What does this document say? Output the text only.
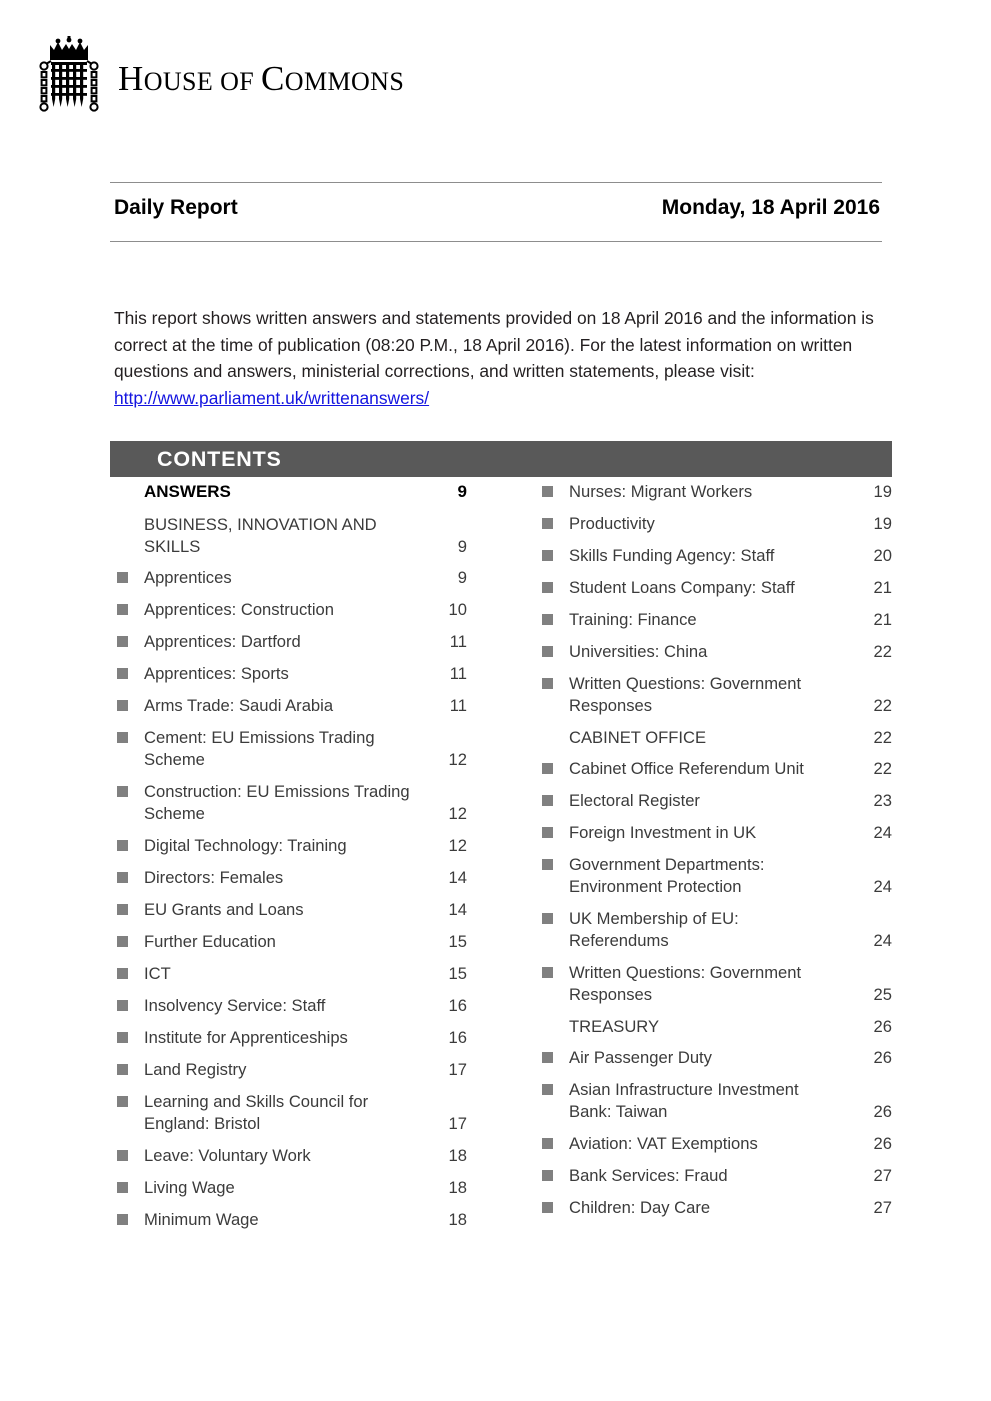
HOUSE OF COMMONS
Daily Report	Monday, 18 April 2016

This report shows written answers and statements provided on 18 April 2016 and the information is correct at the time of publication (08:20 P.M., 18 April 2016). For the latest information on written questions and answers, ministerial corrections, and written statements, please visit: http://www.parliament.uk/writtenanswers/

CONTENTS
ANSWERS	9
BUSINESS, INNOVATION AND SKILLS	9
Apprentices	9
Apprentices: Construction	10
Apprentices: Dartford	11
Apprentices: Sports	11
Arms Trade: Saudi Arabia	11
Cement: EU Emissions Trading Scheme	12
Construction: EU Emissions Trading Scheme	12
Digital Technology: Training	12
Directors: Females	14
EU Grants and Loans	14
Further Education	15
ICT	15
Insolvency Service: Staff	16
Institute for Apprenticeships	16
Land Registry	17
Learning and Skills Council for England: Bristol	17
Leave: Voluntary Work	18
Living Wage	18
Minimum Wage	18
Nurses: Migrant Workers	19
Productivity	19
Skills Funding Agency: Staff	20
Student Loans Company: Staff	21
Training: Finance	21
Universities: China	22
Written Questions: Government Responses	22
CABINET OFFICE	22
Cabinet Office Referendum Unit	22
Electoral Register	23
Foreign Investment in UK	24
Government Departments: Environment Protection	24
UK Membership of EU: Referendums	24
Written Questions: Government Responses	25
TREASURY	26
Air Passenger Duty	26
Asian Infrastructure Investment Bank: Taiwan	26
Aviation: VAT Exemptions	26
Bank Services: Fraud	27
Children: Day Care	27
